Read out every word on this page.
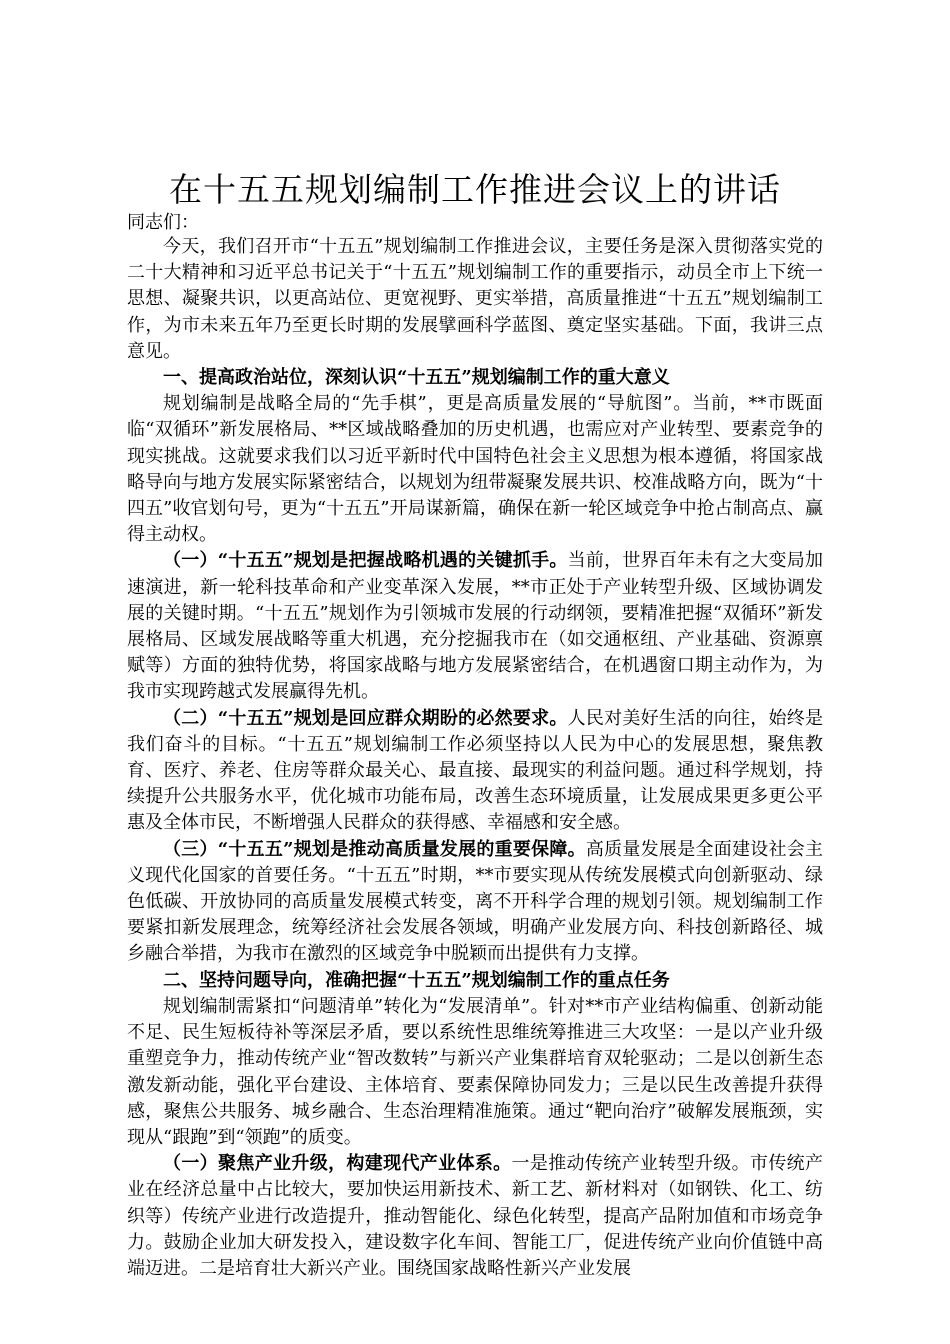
在十五五规划编制工作推进会议上的讲话

同志们：

今天，我们召开市“十五五”规划编制工作推进会议，主要任务是深入贯彻落实党的二十大精神和习近平总书记关于“十五五”规划编制工作的重要指示，动员全市上下统一思想、凝聚共识，以更高站位、更宽视野、更实举措，高质量推进“十五五”规划编制工作，为市未来五年乃至更长时期的发展擘画科学蓝图、奠定坚实基础。下面，我讲三点意见。

一、提高政治站位，深刻认识“十五五”规划编制工作的重大意义

规划编制是战略全局的“先手棋”，更是高质量发展的“导航图”。当前，**市既面临“双循环”新发展格局、**区域战略叠加的历史机遇，也需应对产业转型、要素竞争的现实挑战。这就要求我们以习近平新时代中国特色社会主义思想为根本遵循，将国家战略导向与地方发展实际紧密结合，以规划为纽带凝聚发展共识、校准战略方向，既为“十四五”收官划句号，更为“十五五”开局谋新篇，确保在新一轮区域竞争中抢占制高点、赢得主动权。

（一）“十五五”规划是把握战略机遇的关键抓手。当前，世界百年未有之大变局加速演进，新一轮科技革命和产业变革深入发展，**市正处于产业转型升级、区域协调发展的关键时期。“十五五”规划作为引领城市发展的行动纲领，要精准把握“双循环”新发展格局、区域发展战略等重大机遇，充分挖掘我市在（如交通枢纽、产业基础、资源禀赋等）方面的独特优势，将国家战略与地方发展紧密结合，在机遇窗口期主动作为，为我市实现跨越式发展赢得先机。

（二）“十五五”规划是回应群众期盼的必然要求。人民对美好生活的向往，始终是我们奋斗的目标。“十五五”规划编制工作必须坚持以人民为中心的发展思想，聚焦教育、医疗、养老、住房等群众最关心、最直接、最现实的利益问题。通过科学规划，持续提升公共服务水平，优化城市功能布局，改善生态环境质量，让发展成果更多更公平惠及全体市民，不断增强人民群众的获得感、幸福感和安全感。

（三）“十五五”规划是推动高质量发展的重要保障。高质量发展是全面建设社会主义现代化国家的首要任务。“十五五”时期，**市要实现从传统发展模式向创新驱动、绿色低碳、开放协同的高质量发展模式转变，离不开科学合理的规划引领。规划编制工作要紧扣新发展理念，统筹经济社会发展各领域，明确产业发展方向、科技创新路径、城乡融合举措，为我市在激烈的区域竞争中脱颖而出提供有力支撑。

二、坚持问题导向，准确把握“十五五”规划编制工作的重点任务

规划编制需紧扣“问题清单”转化为“发展清单”。针对**市产业结构偏重、创新动能不足、民生短板待补等深层矛盾，要以系统性思维统筹推进三大攻坚：一是以产业升级重塑竞争力，推动传统产业“智改数转”与新兴产业集群培育双轮驱动；二是以创新生态激发新动能，强化平台建设、主体培育、要素保障协同发力；三是以民生改善提升获得感，聚焦公共服务、城乡融合、生态治理精准施策。通过“靶向治疗”破解发展瓶颈，实现从“跟跑”到“领跑”的质变。

（一）聚焦产业升级，构建现代产业体系。一是推动传统产业转型升级。市传统产业在经济总量中占比较大，要加快运用新技术、新工艺、新材料对（如钢铁、化工、纺织等）传统产业进行改造提升，推动智能化、绿色化转型，提高产品附加值和市场竞争力。鼓励企业加大研发投入，建设数字化车间、智能工厂，促进传统产业向价值链中高端迈进。二是培育壮大新兴产业。围绕国家战略性新兴产业发展
